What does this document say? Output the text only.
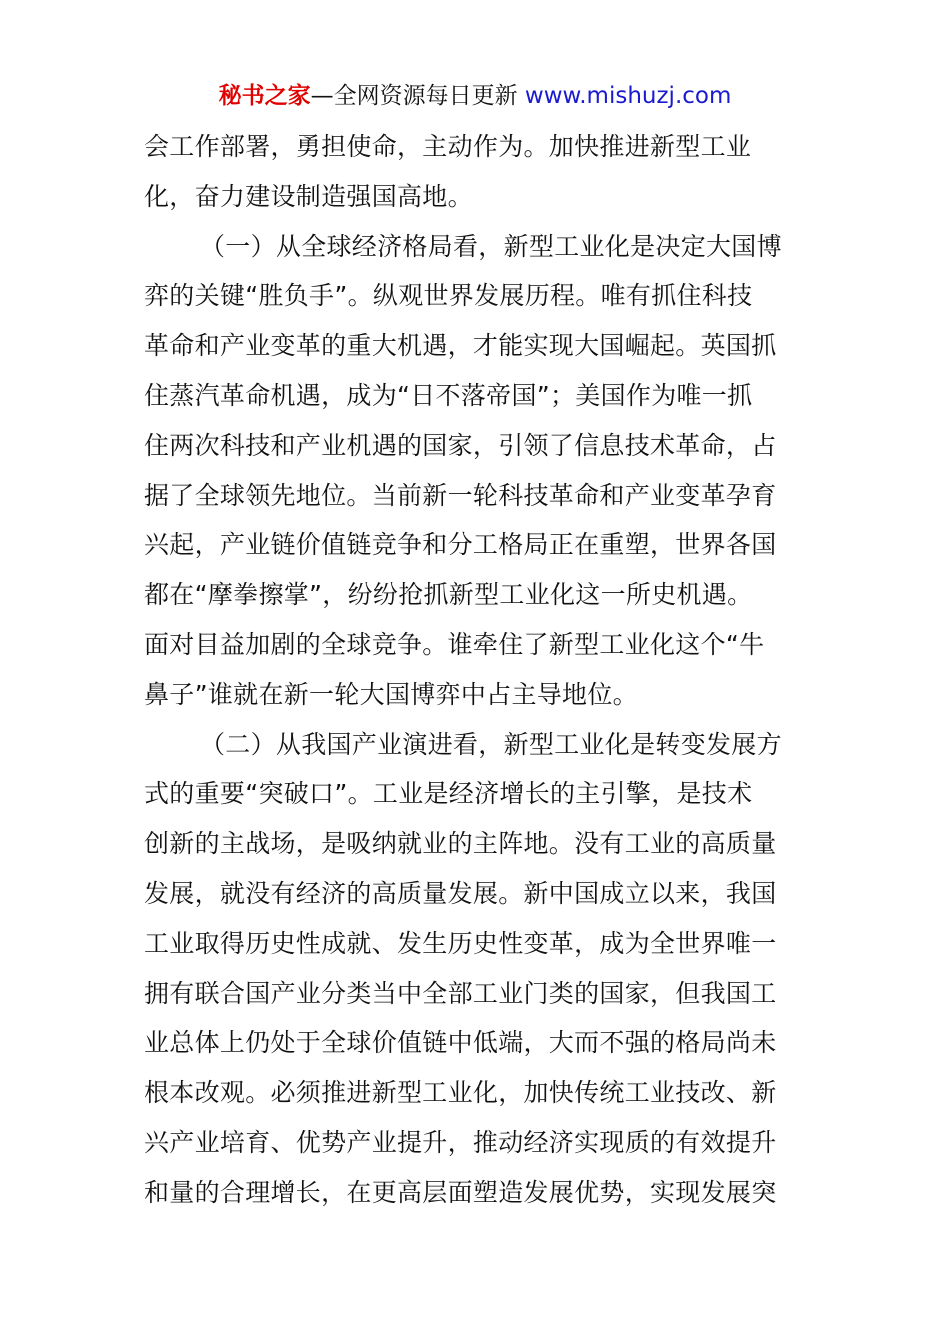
秘书之家—全网资源每日更新 www.mishuzj.com
会工作部署，勇担使命，主动作为。加快推进新型工业
化，奋力建设制造强国高地。
（一）从全球经济格局看，新型工业化是决定大国博
弈的关键“胜负手”。纵观世界发展历程。唯有抓住科技
革命和产业变革的重大机遇，才能实现大国崛起。英国抓
住蒸汽革命机遇，成为“日不落帝国”；美国作为唯一抓
住两次科技和产业机遇的国家，引领了信息技术革命，占
据了全球领先地位。当前新一轮科技革命和产业变革孕育
兴起，产业链价值链竞争和分工格局正在重塑，世界各国
都在“摩拳擦掌”，纷纷抢抓新型工业化这一所史机遇。
面对目益加剧的全球竞争。谁牵住了新型工业化这个“牛
鼻子”谁就在新一轮大国博弈中占主导地位。
（二）从我国产业演进看，新型工业化是转变发展方
式的重要“突破口”。工业是经济增长的主引擎，是技术
创新的主战场，是吸纳就业的主阵地。没有工业的高质量
发展，就没有经济的高质量发展。新中国成立以来，我国
工业取得历史性成就、发生历史性变革，成为全世界唯一
拥有联合国产业分类当中全部工业门类的国家，但我国工
业总体上仍处于全球价值链中低端，大而不强的格局尚未
根本改观。必须推进新型工业化，加快传统工业技改、新
兴产业培育、优势产业提升，推动经济实现质的有效提升
和量的合理增长，在更高层面塑造发展优势，实现发展突
